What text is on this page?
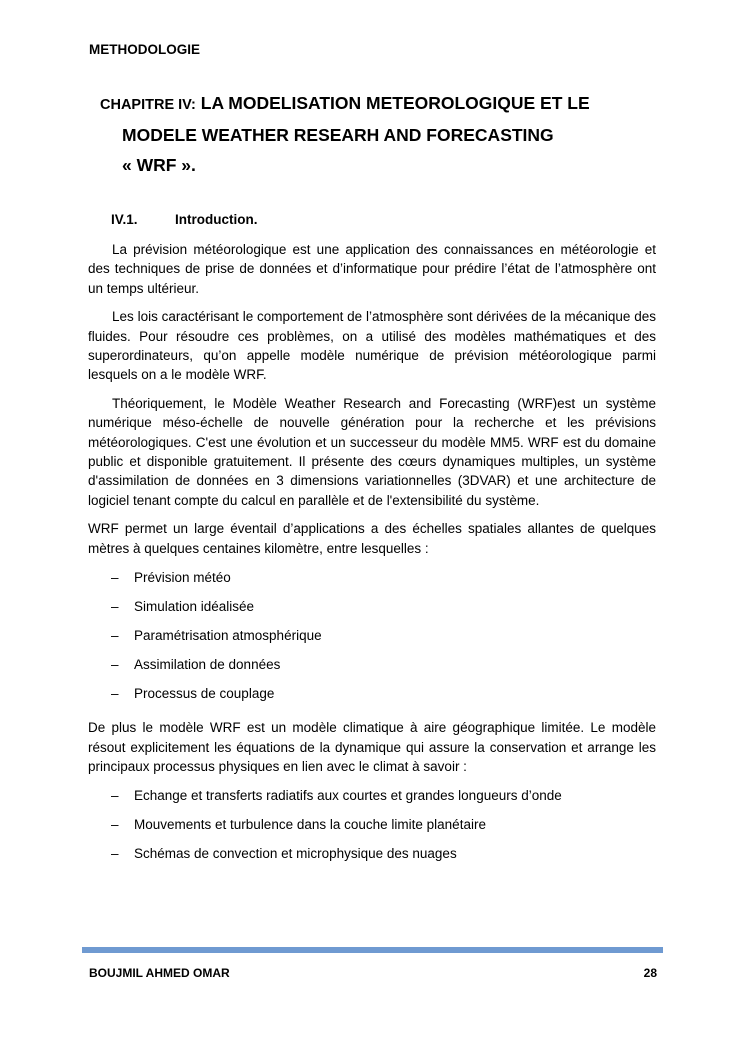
METHODOLOGIE
CHAPITRE IV: LA MODELISATION METEOROLOGIQUE ET LE
MODELE WEATHER RESEARH AND FORECASTING
« WRF ».
IV.1.	Introduction.

La prévision météorologique est une application des connaissances en météorologie et des techniques de prise de données et d’informatique pour prédire l’état de l’atmosphère ont un temps ultérieur.

Les lois caractérisant le comportement de l’atmosphère sont dérivées de la mécanique des fluides. Pour résoudre ces problèmes, on a utilisé des modèles mathématiques et des superordinateurs, qu’on appelle modèle numérique de prévision météorologique parmi lesquels on a le modèle WRF.

Théoriquement, le Modèle Weather Research and Forecasting (WRF)est un système numérique méso-échelle de nouvelle génération pour la recherche et les prévisions météorologiques. C'est une évolution et un successeur du modèle MM5. WRF est du domaine public et disponible gratuitement. Il présente des cœurs dynamiques multiples, un système d'assimilation de données en 3 dimensions variationnelles (3DVAR) et une architecture de logiciel tenant compte du calcul en parallèle et de l'extensibilité du système.

WRF permet un large éventail d’applications a des échelles spatiales allantes de quelques mètres à quelques centaines kilomètre, entre lesquelles :

– Prévision météo
– Simulation idéalisée
– Paramétrisation atmosphérique
– Assimilation de données
– Processus de couplage

De plus le modèle WRF est un modèle climatique à aire géographique limitée. Le modèle résout explicitement les équations de la dynamique qui assure la conservation et arrange les principaux processus physiques en lien avec le climat à savoir :

– Echange et transferts radiatifs aux courtes et grandes longueurs d’onde
– Mouvements et turbulence dans la couche limite planétaire
– Schémas de convection et microphysique des nuages
BOUJMIL AHMED OMAR	28
